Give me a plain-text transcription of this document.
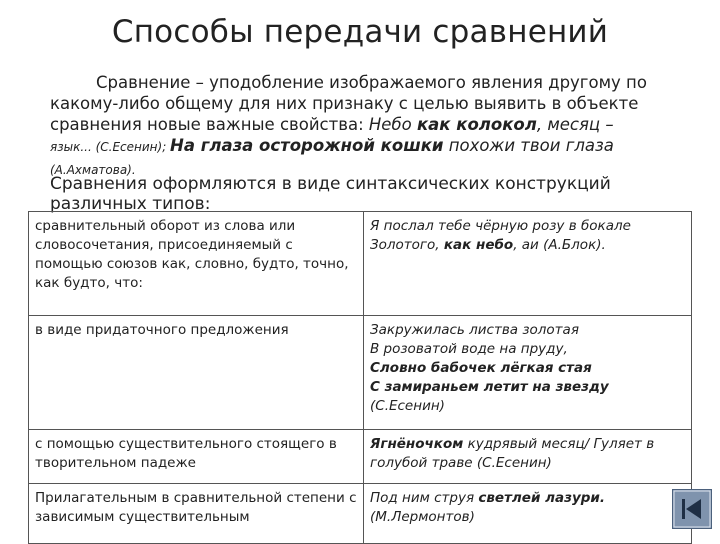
Способы передачи сравнений

Сравнение – уподобление изображаемого явления другому по

какому-либо общему для них признаку с целью выявить в объекте

сравнения новые важные свойства: Небо как колокол, месяц –

язык... (С.Есенин); На глаза осторожной кошки похожи твои глаза

(А.Ахматова).

Сравнения оформляются в виде синтаксических конструкций различных типов:
сравнительный оборот из слова или словосочетания, присоединяемый с помощью союзов как, словно, будто, точно, как будто, что:	Я послал тебе чёрную розу в бокале
Золотого, как небо, аи (А.Блок).

в виде придаточного предложения	Закружилась листва золотая
В розоватой воде на пруду,
Словно бабочек лёгкая стая
С замираньем летит на звезду
(С.Есенин)

с помощью существительного стоящего в творительном падеже	Ягнёночком кудрявый месяц/ Гуляет в голубой траве (С.Есенин)
Прилагательным в сравнительной степени с зависимым существительным	Под ним струя светлей лазури.(М.Лермонтов)
